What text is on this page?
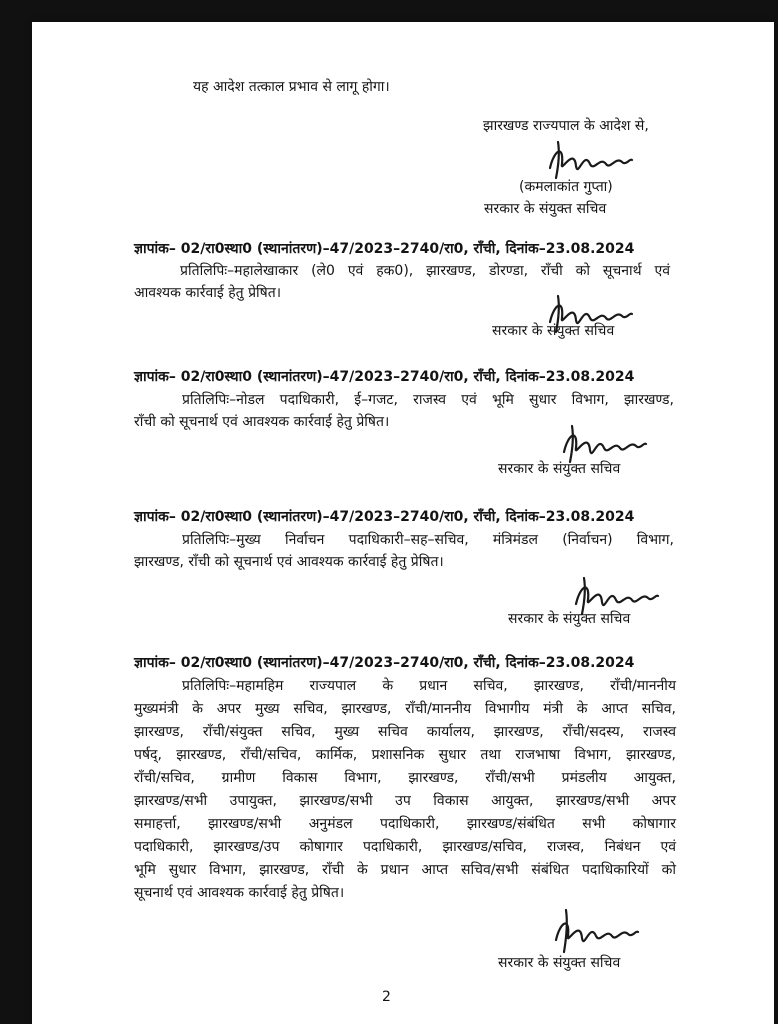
यह आदेश तत्काल प्रभाव से लागू होगा।
झारखण्ड राज्यपाल के आदेश से,
(कमलाकांत गुप्ता)
सरकार के संयुक्त सचिव
ज्ञापांक– 02/रा0स्था0 (स्थानांतरण)–47/2023–2740/रा0, राँची, दिनांक–23.08.2024
प्रतिलिपिः–महालेखाकार (ले0 एवं हक0), झारखण्ड, डोरण्डा, राँची को सूचनार्थ एवं
आवश्यक कार्रवाई हेतु प्रेषित।
सरकार के संयुक्त सचिव
ज्ञापांक– 02/रा0स्था0 (स्थानांतरण)–47/2023–2740/रा0, राँची, दिनांक–23.08.2024
प्रतिलिपिः–नोडल पदाधिकारी, ई–गजट, राजस्व एवं भूमि सुधार विभाग, झारखण्ड,
राँची को सूचनार्थ एवं आवश्यक कार्रवाई हेतु प्रेषित।
सरकार के संयुक्त सचिव
ज्ञापांक– 02/रा0स्था0 (स्थानांतरण)–47/2023–2740/रा0, राँची, दिनांक–23.08.2024
प्रतिलिपिः–मुख्य निर्वाचन पदाधिकारी–सह–सचिव, मंत्रिमंडल (निर्वाचन) विभाग,
झारखण्ड, राँची को सूचनार्थ एवं आवश्यक कार्रवाई हेतु प्रेषित।
सरकार के संयुक्त सचिव
ज्ञापांक– 02/रा0स्था0 (स्थानांतरण)–47/2023–2740/रा0, राँची, दिनांक–23.08.2024
प्रतिलिपिः–महामहिम राज्यपाल के प्रधान सचिव, झारखण्ड, राँची/माननीय
मुख्यमंत्री के अपर मुख्य सचिव, झारखण्ड, राँची/माननीय विभागीय मंत्री के आप्त सचिव,
झारखण्ड, राँची/संयुक्त सचिव, मुख्य सचिव कार्यालय, झारखण्ड, राँची/सदस्य, राजस्व
पर्षद्, झारखण्ड, राँची/सचिव, कार्मिक, प्रशासनिक सुधार तथा राजभाषा विभाग, झारखण्ड,
राँची/सचिव, ग्रामीण विकास विभाग, झारखण्ड, राँची/सभी प्रमंडलीय आयुक्त,
झारखण्ड/सभी उपायुक्त, झारखण्ड/सभी उप विकास आयुक्त, झारखण्ड/सभी अपर
समाहर्त्ता, झारखण्ड/सभी अनुमंडल पदाधिकारी, झारखण्ड/संबंधित सभी कोषागार
पदाधिकारी, झारखण्ड/उप कोषागार पदाधिकारी, झारखण्ड/सचिव, राजस्व, निबंधन एवं
भूमि सुधार विभाग, झारखण्ड, राँची के प्रधान आप्त सचिव/सभी संबंधित पदाधिकारियों को
सूचनार्थ एवं आवश्यक कार्रवाई हेतु प्रेषित।
सरकार के संयुक्त सचिव
2
